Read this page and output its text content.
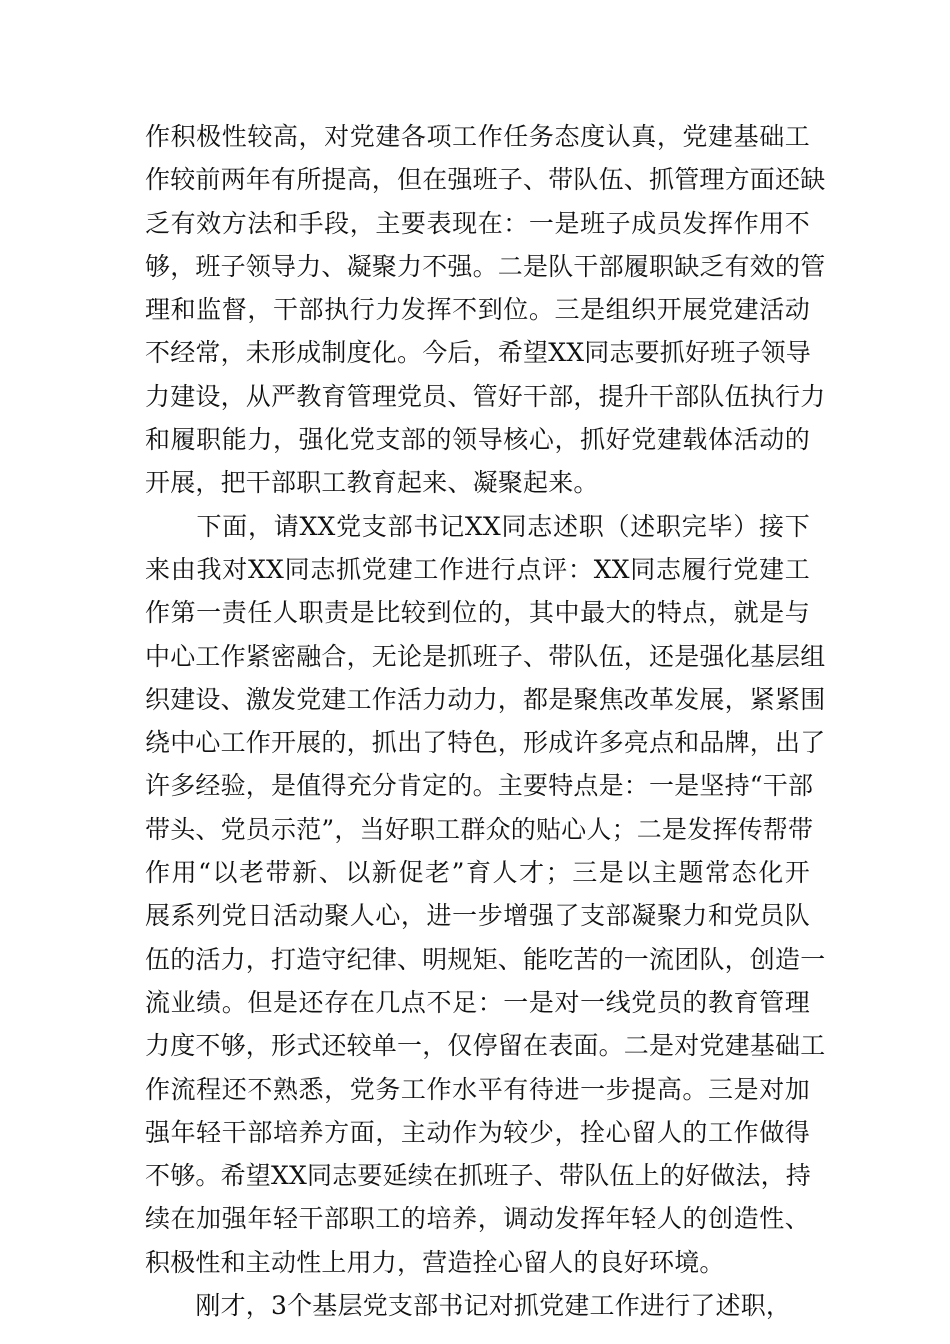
作积极性较高，对党建各项工作任务态度认真，党建基础工
作较前两年有所提高，但在强班子、带队伍、抓管理方面还缺
乏有效方法和手段，主要表现在：一是班子成员发挥作用不
够，班子领导力、凝聚力不强。二是队干部履职缺乏有效的管
理和监督，干部执行力发挥不到位。三是组织开展党建活动
不经常，未形成制度化。今后，希望XX同志要抓好班子领导
力建设，从严教育管理党员、管好干部，提升干部队伍执行力
和履职能力，强化党支部的领导核心，抓好党建载体活动的
开展，把干部职工教育起来、凝聚起来。

　　下面，请XX党支部书记XX同志述职（述职完毕）接下
来由我对XX同志抓党建工作进行点评：XX同志履行党建工
作第一责任人职责是比较到位的，其中最大的特点，就是与
中心工作紧密融合，无论是抓班子、带队伍，还是强化基层组
织建设、激发党建工作活力动力，都是聚焦改革发展，紧紧围
绕中心工作开展的，抓出了特色，形成许多亮点和品牌，出了
许多经验，是值得充分肯定的。主要特点是：一是坚持“干部
带头、党员示范”，当好职工群众的贴心人；二是发挥传帮带
作用“以老带新、以新促老”育人才；三是以主题常态化开
展系列党日活动聚人心，进一步增强了支部凝聚力和党员队
伍的活力，打造守纪律、明规矩、能吃苦的一流团队，创造一
流业绩。但是还存在几点不足：一是对一线党员的教育管理
力度不够，形式还较单一，仅停留在表面。二是对党建基础工
作流程还不熟悉，党务工作水平有待进一步提高。三是对加
强年轻干部培养方面，主动作为较少，拴心留人的工作做得
不够。希望XX同志要延续在抓班子、带队伍上的好做法，持
续在加强年轻干部职工的培养，调动发挥年轻人的创造性、
积极性和主动性上用力，营造拴心留人的良好环境。

　　刚才，3个基层党支部书记对抓党建工作进行了述职，
